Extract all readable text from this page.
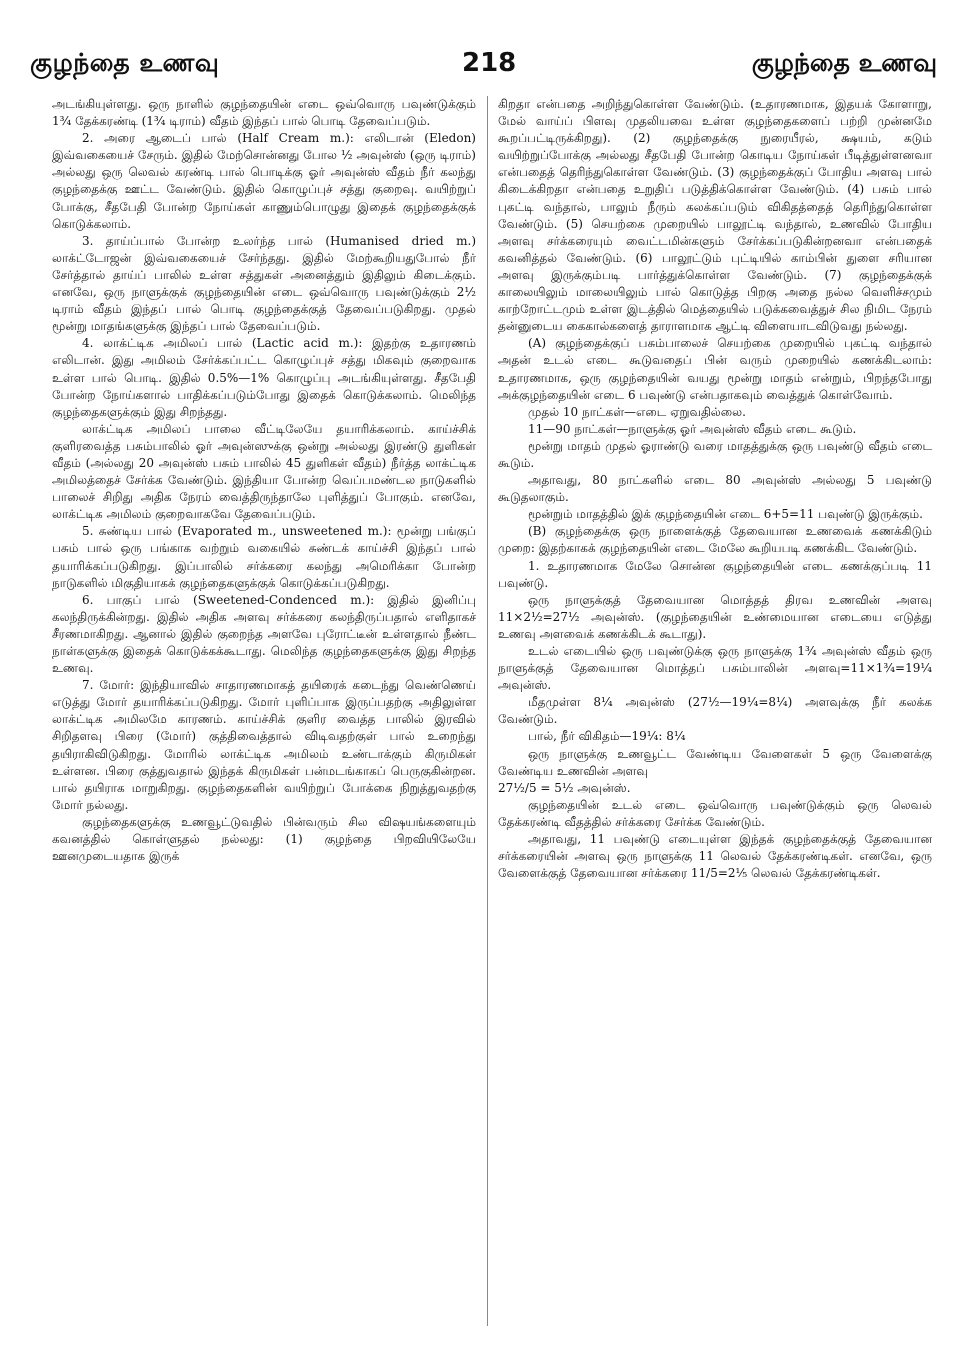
குழந்தை உணவு	218	குழந்தை உணவு

அடங்கியுள்ளது. ஒரு நாளில் குழந்தையின் எடை ஒவ்வொரு பவுண்டுக்கும் 1¾ தேக்கரண்டி (1¾ டிராம்) வீதம் இந்தப் பால் பொடி தேவைப்படும்.

2. அரை ஆடைப் பால் (Half Cream m.): எலிடான் (Eledon) இவ்வகையைச் சேரும். இதில் மேற்சொன்னது போல ½ அவுன்ஸ் (ஒரு டிராம்) அல்லது ஒரு லெவல் கரண்டி பால் பொடிக்கு ஓர் அவுன்ஸ் வீதம் நீர் கலந்து குழந்தைக்கு ஊட்ட வேண்டும். இதில் கொழுப்புச் சத்து குறைவு. வயிற்றுப் போக்கு, சீதபேதி போன்ற நோய்கள் காணும்பொழுது இதைக் குழந்தைக்குக் கொடுக்கலாம்.

3. தாய்ப்பால் போன்ற உலர்ந்த பால் (Humanised dried m.) லாக்ட்டோஜன் இவ்வகையைச் சேர்ந்தது. இதில் மேற்கூறியதுபோல் நீர் சேர்த்தால் தாய்ப் பாலில் உள்ள சத்துகள் அனைத்தும் இதிலும் கிடைக்கும். எனவே, ஒரு நாளுக்குக் குழந்தையின் எடை ஒவ்வொரு பவுண்டுக்கும் 2½ டிராம் வீதம் இந்தப் பால் பொடி குழந்தைக்குத் தேவைப்படுகிறது. முதல் மூன்று மாதங்களுக்கு இந்தப் பால் தேவைப்படும்.

4. லாக்ட்டிக அமிலப் பால் (Lactic acid m.): இதற்கு உதாரணம் எலிடான். இது அமிலம் சேர்க்கப்பட்ட கொழுப்புச் சத்து மிகவும் குறைவாக உள்ள பால் பொடி. இதில் 0.5%—1% கொழுப்பு அடங்கியுள்ளது. சீதபேதி போன்ற நோய்களால் பாதிக்கப்படும்போது இதைக் கொடுக்கலாம். மெலிந்த குழந்தைகளுக்கும் இது சிறந்தது.

லாக்ட்டிக அமிலப் பாலை வீட்டிலேயே தயாரிக்கலாம். காய்ச்சிக் குளிரவைத்த பசும்பாலில் ஓர் அவுன்ஸுக்கு ஒன்று அல்லது இரண்டு துளிகள் வீதம் (அல்லது 20 அவுன்ஸ் பசும் பாலில் 45 துளிகள் வீதம்) நீர்த்த லாக்ட்டிக அமிலத்தைச் சேர்க்க வேண்டும். இந்தியா போன்ற வெப்பமண்டல நாடுகளில் பாலைச் சிறிது அதிக நேரம் வைத்திருந்தாலே புளித்துப் போகும். எனவே, லாக்ட்டிக அமிலம் குறைவாகவே தேவைப்படும்.

5. சுண்டிய பால் (Evaporated m., unsweetened m.): மூன்று பங்குப் பசும் பால் ஒரு பங்காக வற்றும் வகையில் சுண்டக் காய்ச்சி இந்தப் பால் தயாரிக்கப்படுகிறது. இப்பாலில் சர்க்கரை கலந்து அமெரிக்கா போன்ற நாடுகளில் மிகுதியாகக் குழந்தைகளுக்குக் கொடுக்கப்படுகிறது.

6. பாகுப் பால் (Sweetened-Condenced m.): இதில் இனிப்பு கலந்திருக்கின்றது. இதில் அதிக அளவு சர்க்கரை கலந்திருப்பதால் எளிதாகச் சீரணமாகிறது. ஆனால் இதில் குறைந்த அளவே புரோட்டீன் உள்ளதால் நீண்ட நாள்களுக்கு இதைக் கொடுக்கக்கூடாது. மெலிந்த குழந்தைகளுக்கு இது சிறந்த உணவு.

7. மோர்: இந்தியாவில் சாதாரணமாகத் தயிரைக் கடைந்து வெண்ணெய் எடுத்து மோர் தயாரிக்கப்படுகிறது. மோர் புளிப்பாக இருப்பதற்கு அதிலுள்ள லாக்ட்டிக அமிலமே காரணம். காய்ச்சிக் குளிர வைத்த பாலில் இரவில் சிறிதளவு பிரை (மோர்) குத்திவைத்தால் விடிவதற்குள் பால் உறைந்து தயிராகிவிடுகிறது. மோரில் லாக்ட்டிக அமிலம் உண்டாக்கும் கிருமிகள் உள்ளன. பிரை குத்துவதால் இந்தக் கிருமிகள் பன்மடங்காகப் பெருகுகின்றன. பால் தயிராக மாறுகிறது. குழந்தைகளின் வயிற்றுப் போக்கை நிறுத்துவதற்கு மோர் நல்லது.

குழந்தைகளுக்கு உணவூட்டுவதில் பின்வரும் சில விஷயங்களையும் கவனத்தில் கொள்ளுதல் நல்லது: (1) குழந்தை பிறவியிலேயே ஊனமுடையதாக இருக்

கிறதா என்பதை அறிந்துகொள்ள வேண்டும். (உதாரணமாக, இதயக் கோளாறு, மேல் வாய்ப் பிளவு முதலியவை உள்ள குழந்தைகளைப் பற்றி முன்னமே கூறப்பட்டிருக்கிறது). (2) குழந்தைக்கு நுரையீரல், க்ஷயம், கடும் வயிற்றுப்போக்கு அல்லது சீதபேதி போன்ற கொடிய நோய்கள் பீடித்துள்ளனவா என்பதைத் தெரிந்துகொள்ள வேண்டும். (3) குழந்தைக்குப் போதிய அளவு பால் கிடைக்கிறதா என்பதை உறுதிப் படுத்திக்கொள்ள வேண்டும். (4) பசும் பால் புகட்டி வந்தால், பாலும் நீரும் கலக்கப்படும் விகிதத்தைத் தெரிந்துகொள்ள வேண்டும். (5) செயற்கை முறையில் பாலூட்டி வந்தால், உணவில் போதிய அளவு சர்க்கரையும் வைட்டமின்களும் சேர்க்கப்படுகின்றனவா என்பதைக் கவனித்தல் வேண்டும். (6) பாலூட்டும் புட்டியில் காம்பின் துளை சரியான அளவு இருக்கும்படி பார்த்துக்கொள்ள வேண்டும். (7) குழந்தைக்குக் காலையிலும் மாலையிலும் பால் கொடுத்த பிறகு அதை நல்ல வெளிச்சமும் காற்றோட்டமும் உள்ள இடத்தில் மெத்தையில் படுக்கவைத்துச் சில நிமிட நேரம் தன்னுடைய கைகால்களைத் தாராளமாக ஆட்டி விளையாடவிடுவது நல்லது.

(A) குழந்தைக்குப் பசும்பாலைச் செயற்கை முறையில் புகட்டி வந்தால் அதன் உடல் எடை கூடுவதைப் பின் வரும் முறையில் கணக்கிடலாம்: உதாரணமாக, ஒரு குழந்தையின் வயது மூன்று மாதம் என்றும், பிறந்தபோது அக்குழந்தையின் எடை 6 பவுண்டு என்பதாகவும் வைத்துக் கொள்வோம்.

முதல் 10 நாட்கள்—எடை ஏறுவதில்லை.

11—90 நாட்கள்—நாளுக்கு ஓர் அவுன்ஸ் வீதம் எடை கூடும்.

மூன்று மாதம் முதல் ஓராண்டு வரை மாதத்துக்கு ஒரு பவுண்டு வீதம் எடை கூடும்.

அதாவது, 80 நாட்களில் எடை 80 அவுன்ஸ் அல்லது 5 பவுண்டு கூடுதலாகும்.

மூன்றும் மாதத்தில் இக் குழந்தையின் எடை 6+5=11 பவுண்டு இருக்கும்.

(B) குழந்தைக்கு ஒரு நாளைக்குத் தேவையான உணவைக் கணக்கிடும் முறை: இதற்காகக் குழந்தையின் எடை மேலே கூறியபடி கணக்கிட வேண்டும்.

1. உதாரணமாக மேலே சொன்ன குழந்தையின் எடை கணக்குப்படி 11 பவுண்டு.

ஒரு நாளுக்குத் தேவையான மொத்தத் திரவ உணவின் அளவு 11×2½=27½ அவுன்ஸ். (குழந்தையின் உண்மையான எடையை எடுத்து உணவு அளவைக் கணக்கிடக் கூடாது).

உடல் எடையில் ஒரு பவுண்டுக்கு ஒரு நாளுக்கு 1¾ அவுன்ஸ் வீதம் ஒரு நாளுக்குத் தேவையான மொத்தப் பசும்பாலின் அளவு=11×1¾=19¼ அவுன்ஸ்.

மீதமுள்ள 8¼ அவுன்ஸ் (27½—19¼=8¼) அளவுக்கு நீர் கலக்க வேண்டும்.

பால், நீர் விகிதம்—19¼: 8¼

ஒரு நாளுக்கு உணவூட்ட வேண்டிய வேளைகள் 5 ஒரு வேளைக்கு வேண்டிய உணவின் அளவு

27½/5 = 5½ அவுன்ஸ்.

குழந்தையின் உடல் எடை ஒவ்வொரு பவுண்டுக்கும் ஒரு லெவல் தேக்கரண்டி வீதத்தில் சர்க்கரை சேர்க்க வேண்டும்.

அதாவது, 11 பவுண்டு எடையுள்ள இந்தக் குழந்தைக்குத் தேவையான சர்க்கரையின் அளவு ஒரு நாளுக்கு 11 லெவல் தேக்கரண்டிகள். எனவே, ஒரு வேளைக்குத் தேவையான சர்க்கரை 11/5=2⅕ லெவல் தேக்கரண்டிகள்.
